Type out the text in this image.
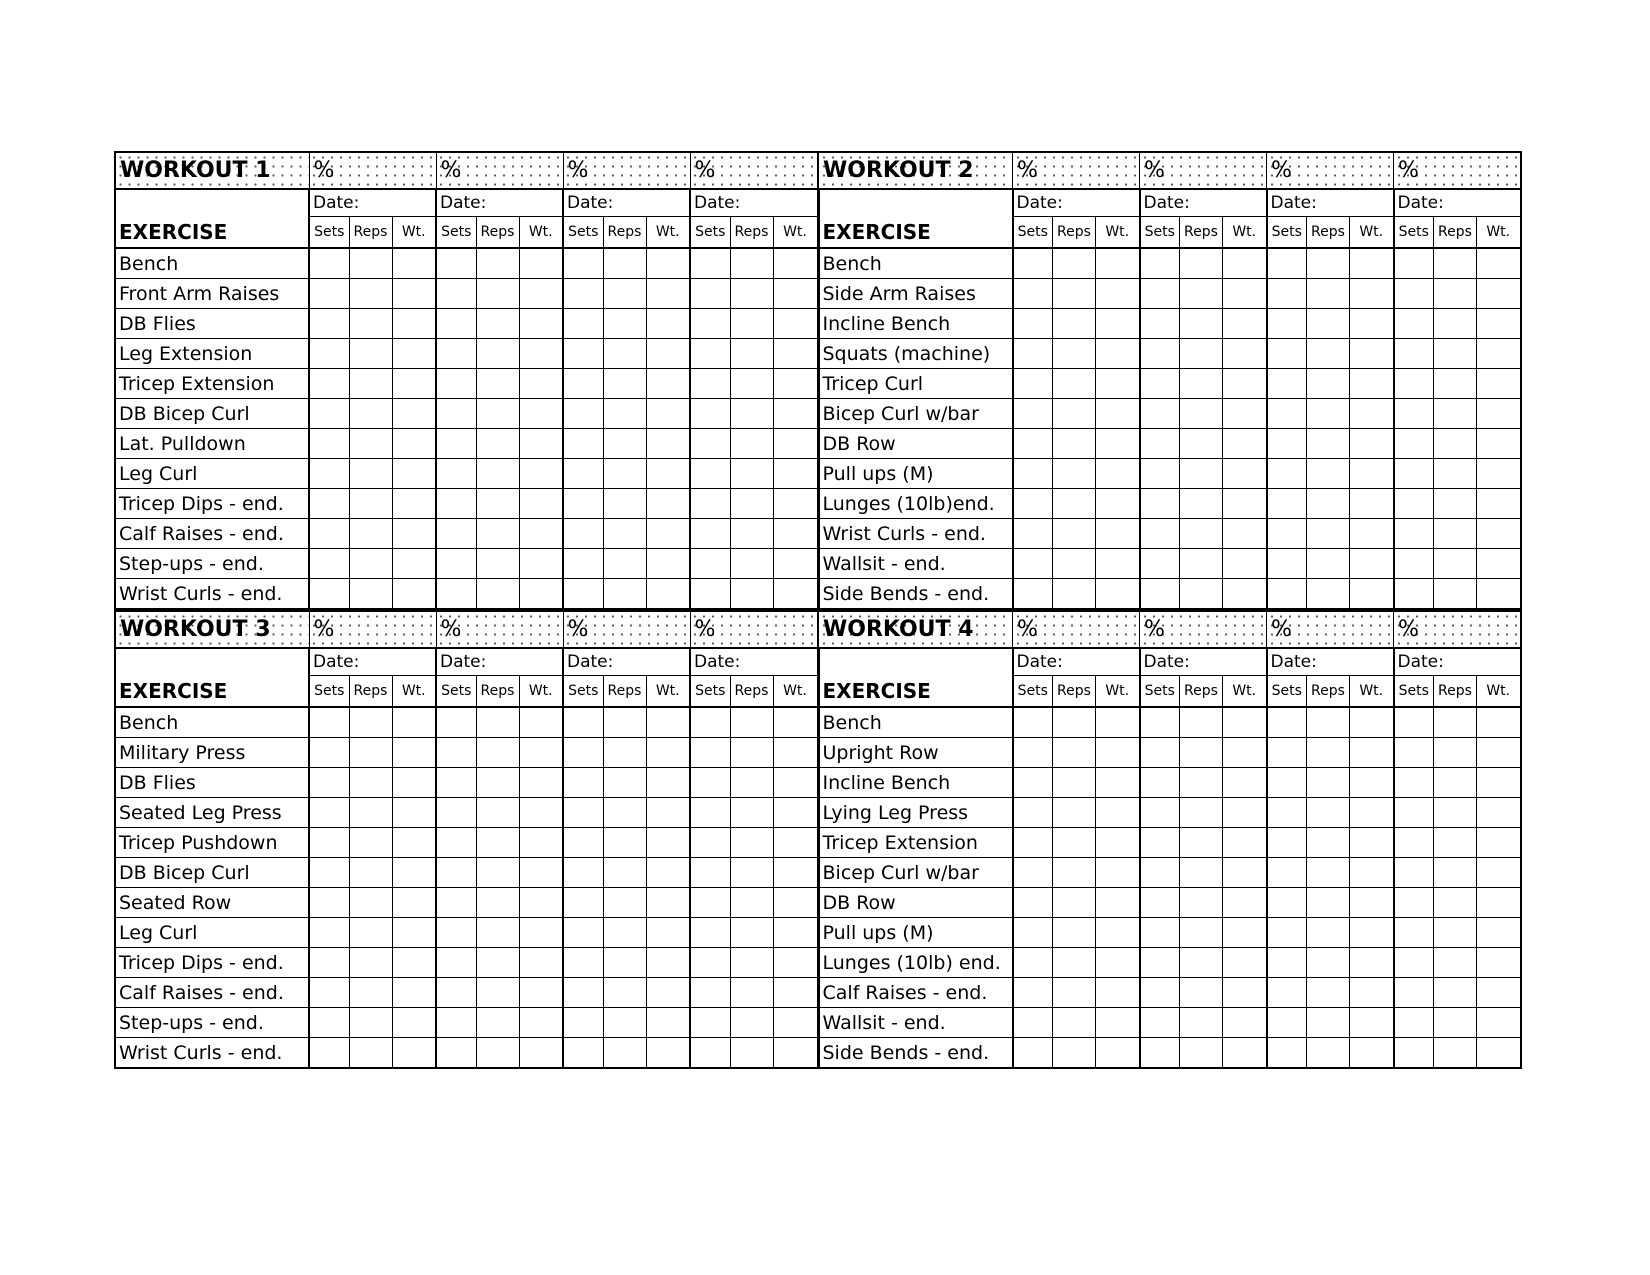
WORKOUT 1	%			%			%			%		
EXERCISE	Date:			Date:			Date:			Date:		
	Sets	Reps	Wt.	Sets	Reps	Wt.	Sets	Reps	Wt.	Sets	Reps	Wt.
Bench												
Front Arm Raises												
DB Flies												
Leg Extension												
Tricep Extension												
DB Bicep Curl												
Lat. Pulldown												
Leg Curl												
Tricep Dips - end.												
Calf Raises - end.												
Step-ups - end.												
Wrist Curls - end.												
WORKOUT 2	%			%			%			%		
EXERCISE	Date:			Date:			Date:			Date:		
	Sets	Reps	Wt.	Sets	Reps	Wt.	Sets	Reps	Wt.	Sets	Reps	Wt.
Bench												
Side Arm Raises												
Incline Bench												
Squats (machine)												
Tricep Curl												
Bicep Curl w/bar												
DB Row												
Pull ups (M)												
Lunges (10lb)end.												
Wrist Curls - end.												
Wallsit - end.												
Side Bends - end.												
WORKOUT 3	%			%			%			%		
EXERCISE	Date:			Date:			Date:			Date:		
	Sets	Reps	Wt.	Sets	Reps	Wt.	Sets	Reps	Wt.	Sets	Reps	Wt.
Bench												
Military Press												
DB Flies												
Seated Leg Press												
Tricep Pushdown												
DB Bicep Curl												
Seated Row												
Leg Curl												
Tricep Dips - end.												
Calf Raises - end.												
Step-ups - end.												
Wrist Curls - end.												
WORKOUT 4	%			%			%			%		
EXERCISE	Date:			Date:			Date:			Date:		
	Sets	Reps	Wt.	Sets	Reps	Wt.	Sets	Reps	Wt.	Sets	Reps	Wt.
Bench												
Upright Row												
Incline Bench												
Lying Leg Press												
Tricep Extension												
Bicep Curl w/bar												
DB Row												
Pull ups (M)												
Lunges (10lb) end.												
Calf Raises - end.												
Wallsit - end.												
Side Bends - end.												
